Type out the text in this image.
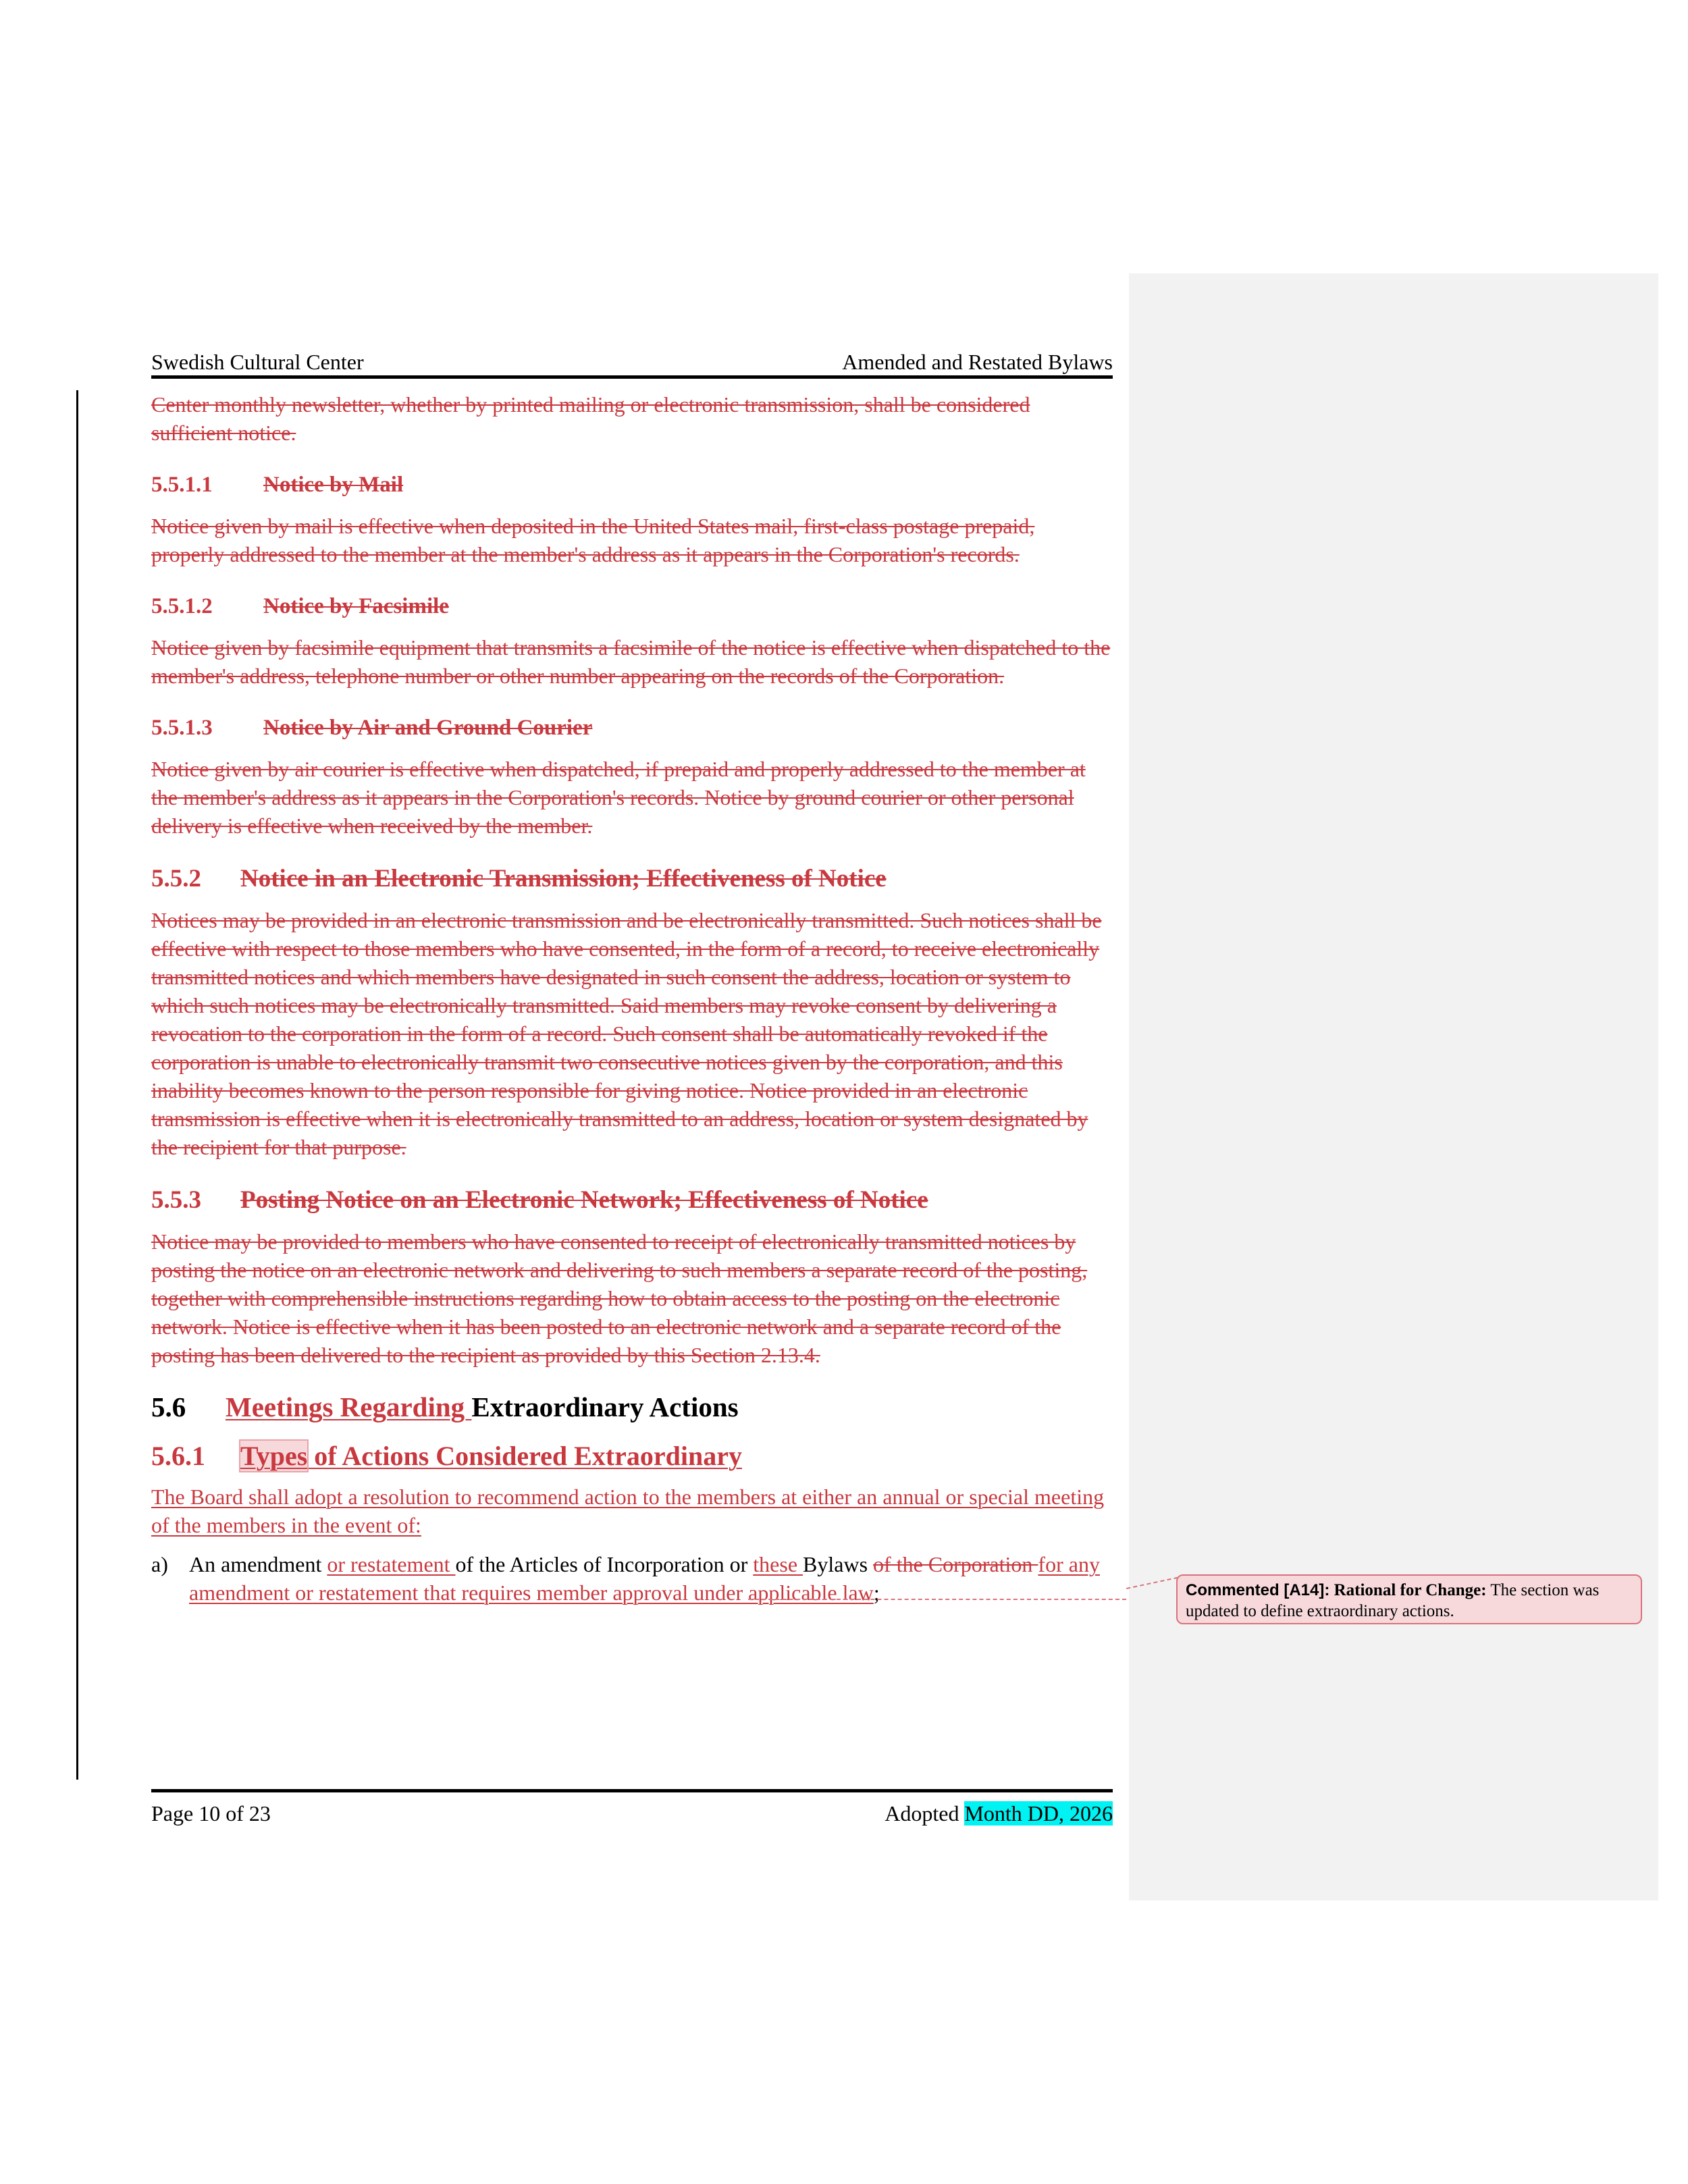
Swedish Cultural Center	Amended and Restated Bylaws

Center monthly newsletter, whether by printed mailing or electronic transmission, shall be considered sufficient notice.

5.5.1.1 Notice by Mail

Notice given by mail is effective when deposited in the United States mail, first-class postage prepaid, properly addressed to the member at the member's address as it appears in the Corporation's records.

5.5.1.2 Notice by Facsimile

Notice given by facsimile equipment that transmits a facsimile of the notice is effective when dispatched to the member's address, telephone number or other number appearing on the records of the Corporation.

5.5.1.3 Notice by Air and Ground Courier

Notice given by air courier is effective when dispatched, if prepaid and properly addressed to the member at the member's address as it appears in the Corporation's records. Notice by ground courier or other personal delivery is effective when received by the member.

5.5.2 Notice in an Electronic Transmission; Effectiveness of Notice

Notices may be provided in an electronic transmission and be electronically transmitted. Such notices shall be effective with respect to those members who have consented, in the form of a record, to receive electronically transmitted notices and which members have designated in such consent the address, location or system to which such notices may be electronically transmitted. Said members may revoke consent by delivering a revocation to the corporation in the form of a record. Such consent shall be automatically revoked if the corporation is unable to electronically transmit two consecutive notices given by the corporation, and this inability becomes known to the person responsible for giving notice. Notice provided in an electronic transmission is effective when it is electronically transmitted to an address, location or system designated by the recipient for that purpose.

5.5.3 Posting Notice on an Electronic Network; Effectiveness of Notice

Notice may be provided to members who have consented to receipt of electronically transmitted notices by posting the notice on an electronic network and delivering to such members a separate record of the posting, together with comprehensible instructions regarding how to obtain access to the posting on the electronic network. Notice is effective when it has been posted to an electronic network and a separate record of the posting has been delivered to the recipient as provided by this Section 2.13.4.

5.6 Meetings Regarding Extraordinary Actions
5.6.1 Types of Actions Considered Extraordinary

The Board shall adopt a resolution to recommend action to the members at either an annual or special meeting of the members in the event of:

a) An amendment or restatement of the Articles of Incorporation or these Bylaws of the Corporation for any amendment or restatement that requires member approval under applicable law;
Page 10 of 23	Adopted Month DD, 2026
Commented [A14]: Rational for Change: The section was updated to define extraordinary actions.
